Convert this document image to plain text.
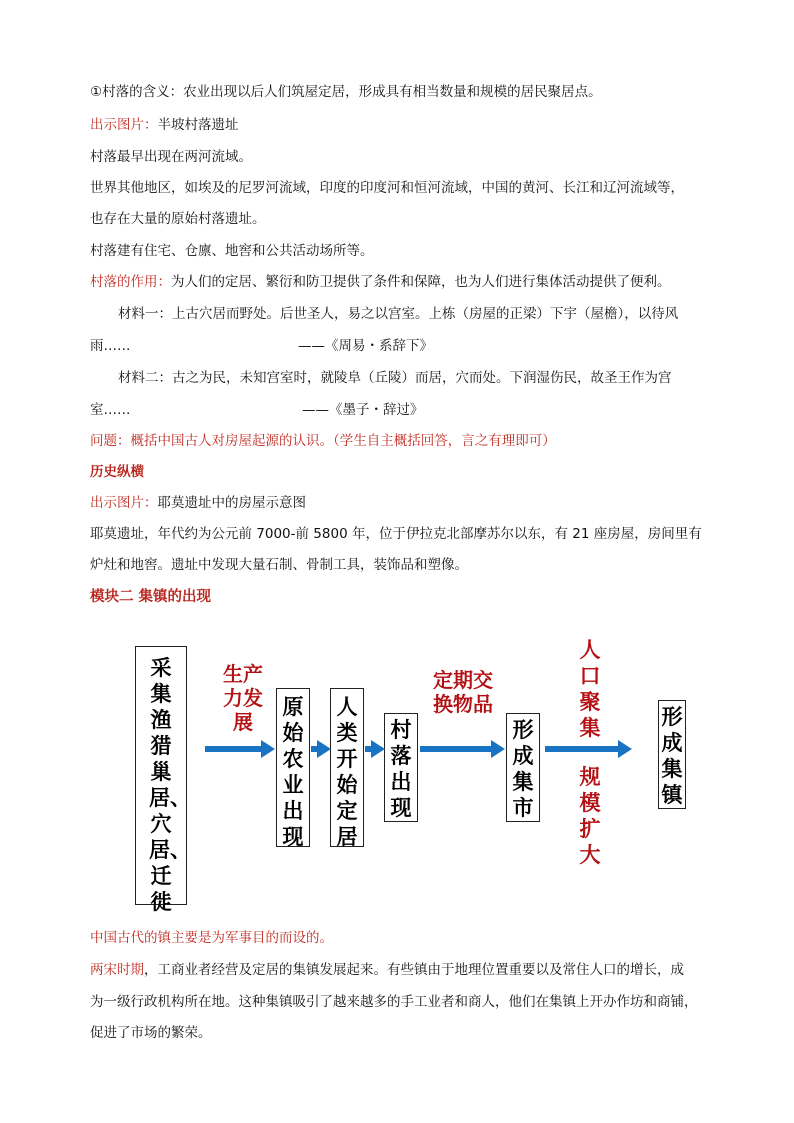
①村落的含义：农业出现以后人们筑屋定居，形成具有相当数量和规模的居民聚居点。
出示图片：半坡村落遗址
村落最早出现在两河流域。
世界其他地区，如埃及的尼罗河流域，印度的印度河和恒河流域，中国的黄河、长江和辽河流域等，
也存在大量的原始村落遗址。
村落建有住宅、仓廪、地窖和公共活动场所等。
村落的作用：为人们的定居、繁衍和防卫提供了条件和保障，也为人们进行集体活动提供了便利。
材料一：上古穴居而野处。后世圣人，易之以宫室。上栋（房屋的正梁）下宇（屋檐），以待风
雨……	——《周易・系辞下》
材料二：古之为民，未知宫室时，就陵阜（丘陵）而居，穴而处。下润湿伤民，故圣王作为宫
室……	——《墨子・辞过》
问题：概括中国古人对房屋起源的认识。（学生自主概括回答，言之有理即可）
历史纵横
出示图片：耶莫遗址中的房屋示意图
耶莫遗址，年代约为公元前 7000-前 5800 年，位于伊拉克北部摩苏尔以东，有 21 座房屋，房间里有
炉灶和地窖。遗址中发现大量石制、骨制工具，装饰品和塑像。
模块二 集镇的出现
采集渔猎巢居、穴居、迁徙
原始农业出现
人类开始定居
村落出现
形成集市
形成集镇
生产力发展
定期交换物品
人口聚集
规模扩大
中国古代的镇主要是为军事目的而设的。
两宋时期，工商业者经营及定居的集镇发展起来。有些镇由于地理位置重要以及常住人口的增长，成
为一级行政机构所在地。这种集镇吸引了越来越多的手工业者和商人，他们在集镇上开办作坊和商铺，
促进了市场的繁荣。
